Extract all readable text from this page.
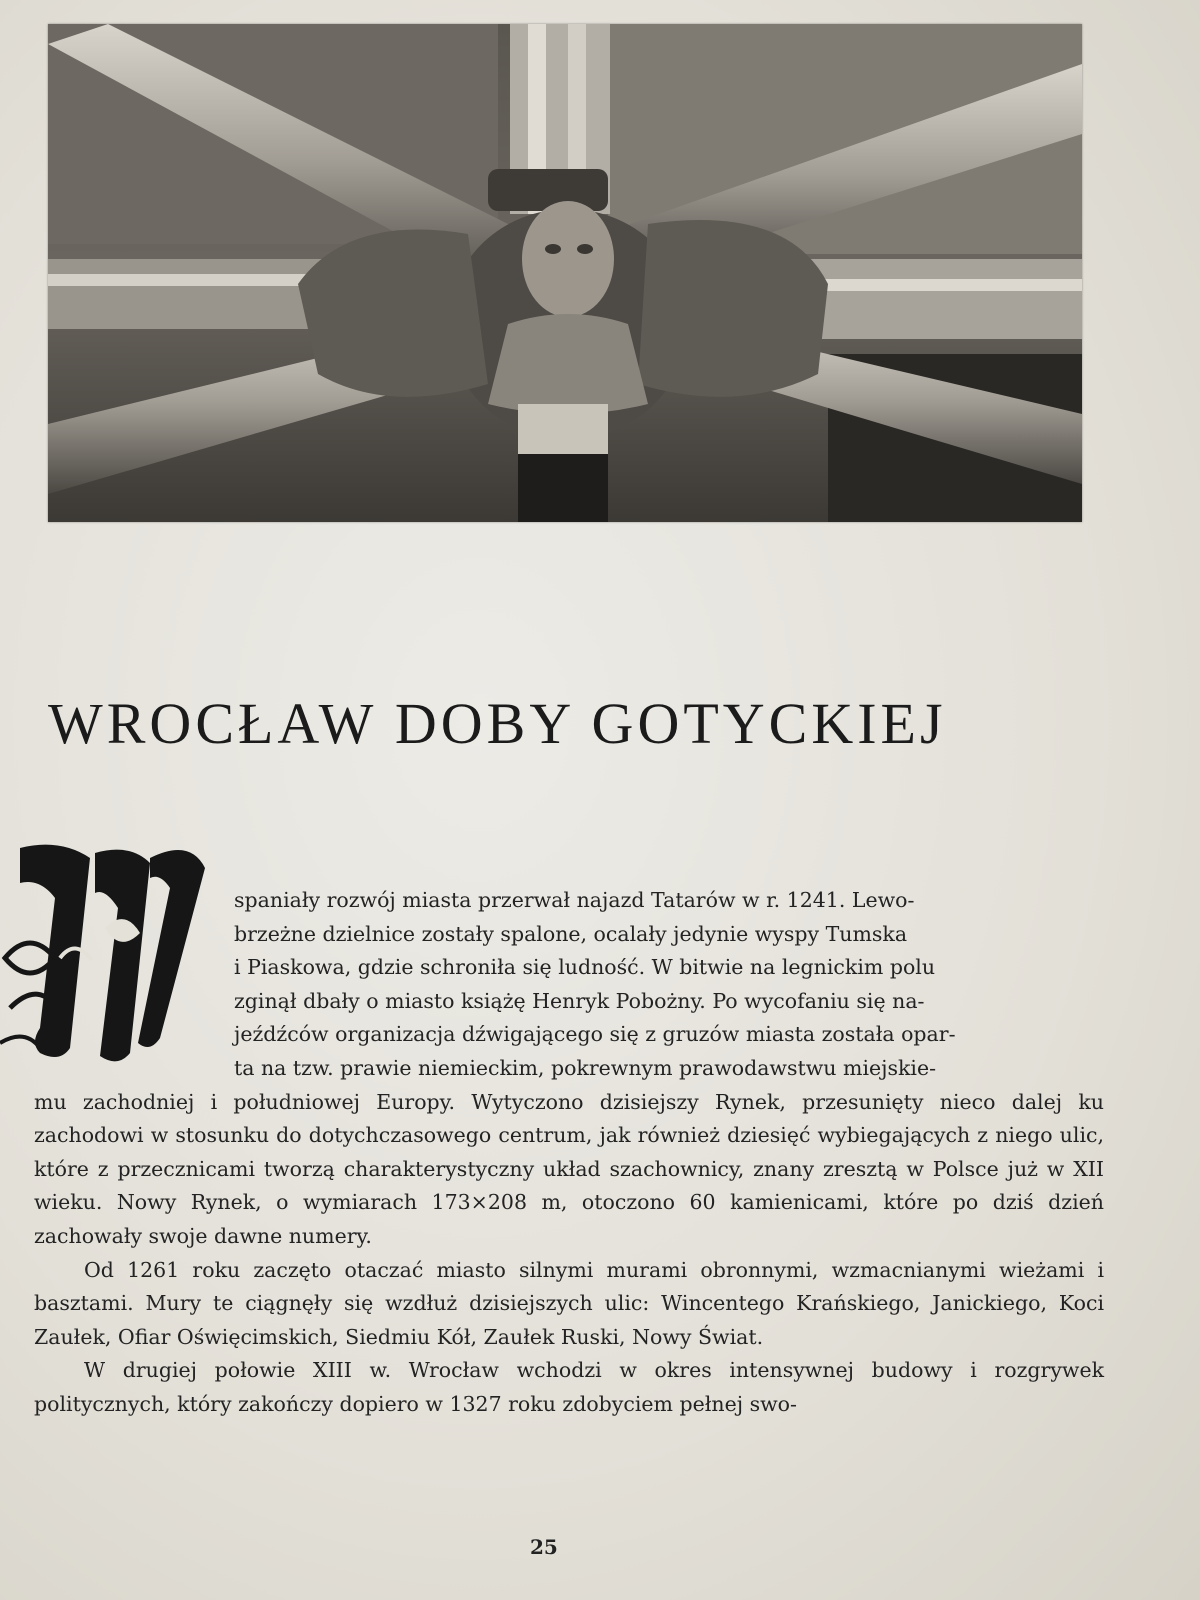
WROCŁAW DOBY GOTYCKIEJ
W

spaniały rozwój miasta przerwał najazd Tatarów w r. 1241. Lewo-

brzeżne dzielnice zostały spalone, ocalały jedynie wyspy Tumska

i Piaskowa, gdzie schroniła się ludność. W bitwie na legnickim polu

zginął dbały o miasto książę Henryk Pobożny. Po wycofaniu się na-

jeźdźców organizacja dźwigającego się z gruzów miasta została opar-

ta na tzw. prawie niemieckim, pokrewnym prawodawstwu miejskie-

mu zachodniej i południowej Europy. Wytyczono dzisiejszy Rynek, przesunięty nieco dalej ku zachodowi w stosunku do dotychczasowego centrum, jak również dziesięć wybiegających z niego ulic, które z przecznicami tworzą charakterystyczny układ szachownicy, znany zresztą w Polsce już w XII wieku. Nowy Rynek, o wymiarach 173×208 m, otoczono 60 kamienicami, które po dziś dzień zachowały swoje dawne numery.

Od 1261 roku zaczęto otaczać miasto silnymi murami obronnymi, wzmacnianymi wieżami i basztami. Mury te ciągnęły się wzdłuż dzisiejszych ulic: Wincentego Krańskiego, Janickiego, Koci Zaułek, Ofiar Oświęcimskich, Siedmiu Kół, Zaułek Ruski, Nowy Świat.

W drugiej połowie XIII w. Wrocław wchodzi w okres intensywnej budowy i rozgrywek politycznych, który zakończy dopiero w 1327 roku zdobyciem pełnej swo-

25
